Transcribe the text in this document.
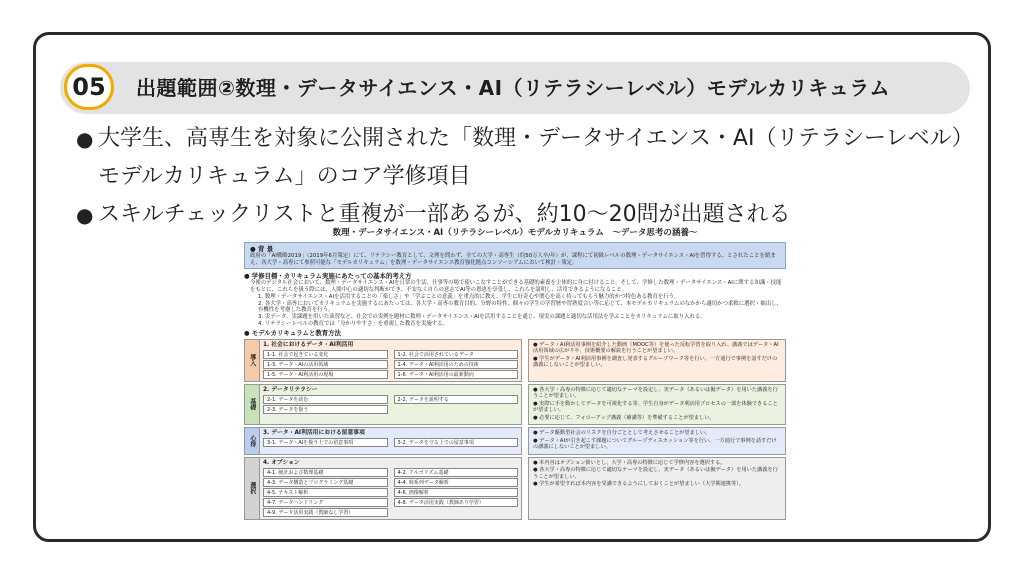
05	出題範囲②数理・データサイエンス・AI（リテラシーレベル）モデルカリキュラム
● 大学生、高専生を対象に公開された「数理・データサイエンス・AI（リテラシーレベル）モデルカリキュラム」のコア学修項目
● スキルチェックリストと重複が一部あるが、約10〜20問が出題される
数理・データサイエンス・AI（リテラシーレベル）モデルカリキュラム　～データ思考の涵養～
● 背 景
政府の「AI戦略2019」（2019年6月策定）にて、リテラシー教育として、文理を問わず、全ての大学・高専生（約50万人卒/年）が、課程にて初級レベルの数理・データサイエンス・AIを習得する、とされたことを踏まえ、各大学・高専にて参照可能な「モデルカリキュラム」を数理・データサイエンス教育強化拠点コンソーシアムにおいて検討・策定。
● 学修目標・カリキュラム実施にあたっての基本的考え方
今後のデジタル社会において、数理・データサイエンス・AIを日常の生活、仕事等の場で使いこなすことができる基礎的素養を主体的に身に付けること。そして、学修した数理・データサイエンス・AIに関する知識・技能をもとに、これらを扱う際には、人間中心の適切な判断ができ、不安なく自らの意志でAI等の恩恵を享受し、これらを説明し、活用できるようになること。
1. 数理・データサイエンス・AIを活用することの「楽しさ」や「学ぶことの意義」を重点的に教え、学生に好奇心や関心を高く持ってもらう魅力的かつ特色ある教育を行う。
2. 各大学・高専においてカリキュラムを実施するにあたっては、各大学・高専の教育目的、分野の特性、個々の学生の学習歴や習熟度合い等に応じて、本モデルカリキュラムのなかから適切かつ柔軟に選択・抽出し、有機性を考慮した教育を行う。
3. 実データ、実課題を用いた演習など、社会での実例を題材に数理・データサイエンス・AIを活用することを通じ、現実の課題と適切な活用法を学ぶことをカリキュラムに取り入れる。
4. リテラシーレベルの教育では「分かりやすさ」を重視した教育を実施する。
● モデルカリキュラムと教育方法
導入
1. 社会におけるデータ・AI利活用
1-1. 社会で起きている変化	1-2. 社会で活用されているデータ
1-3. データ・AIの活用領域	1-4. データ・AI利活用のための技術
1-5. データ・AI利活用の現場	1-6. データ・AI利活用の最新動向
● データ・AI利活用事例を紹介した動画（MOOC等）を使った反転学習を取り入れ、講義ではデータ・AI活用領域の広がりや、技術概要の解説を行うことが望ましい。
● 学生がデータ・AI利活用事例を調査し発表するグループワーク等を行い、一方通行で事例を話すだけの講義にしないことが望ましい。
基礎
2. データリテラシー
2-1. データを読む	2-2. データを説明する
2-3. データを扱う
● 各大学・高専の特徴に応じて適切なテーマを設定し、実データ（あるいは擬データ）を用いた講義を行うことが望ましい。
● 実際に手を動かしてデータを可視化する等、学生自身がデータ利活用プロセスの一部を体験できることが望ましい。
● 必要に応じて、フォローアップ講義（補講等）を準備することが望ましい。
心得
3. データ・AI利活用における留意事項
3-1. データ・AIを扱う上での留意事項	3-2. データを守る上での留意事項
● データ駆動型社会のリスクを自分ごととして考えさせることが望ましい。
● データ・AIが引き起こす課題についてグループディスカッション等を行い、一方通行で事例を話すだけの講義にしないことが望ましい。
選択
4. オプション
4-1. 統計および数理基礎	4-2. アルゴリズム基礎
4-3. データ構造とプログラミング基礎	4-4. 時系列データ解析
4-5. テキスト解析	4-6. 画像解析
4-7. データハンドリング	4-8. データ活用実践（教師あり学習）
4-9. データ活用実践（教師なし学習）
● 本内容はオプション扱いとし、大学・高専の特徴に応じて学修内容を選択する。
● 各大学・高専の特徴に応じて適切なテーマを設定し、実データ（あるいは擬データ）を用いた講義を行うことが望ましい。
● 学生が希望すれば本内容を受講できるようにしておくことが望ましい（大学間連携等）。
